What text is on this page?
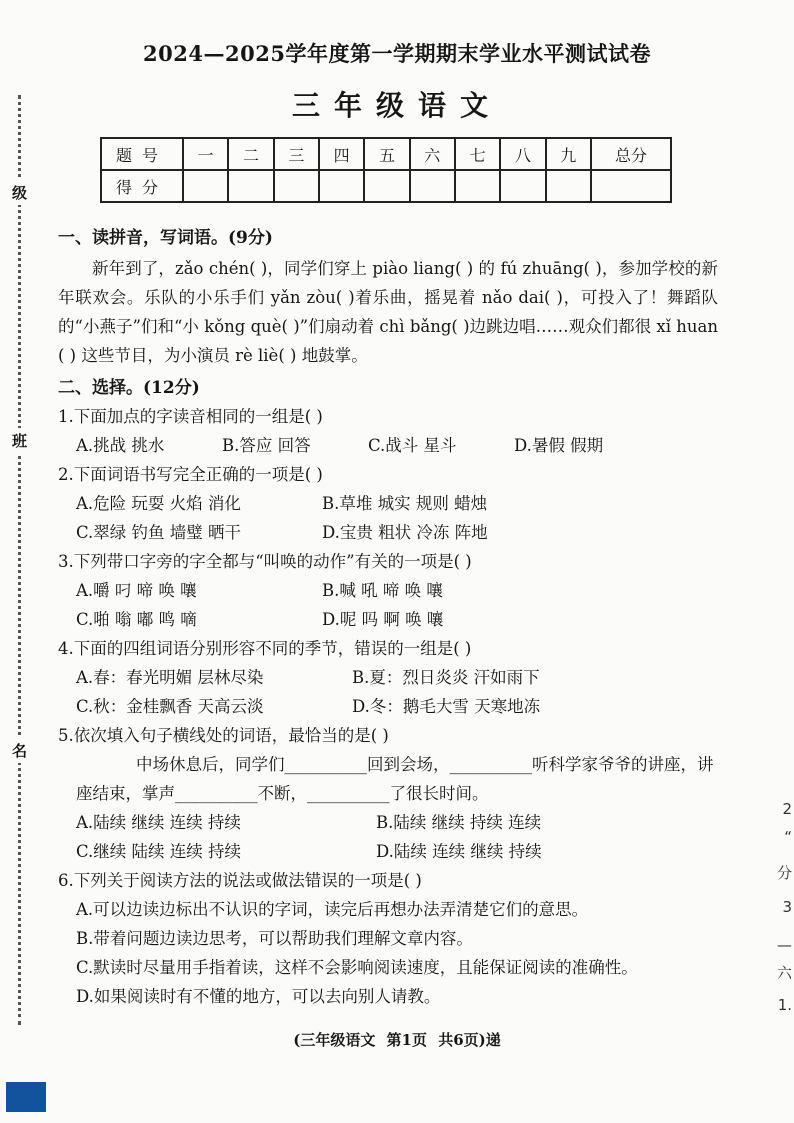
级
班
名
2
“
分
3
—
六
1.
2024—2025学年度第一学期期末学业水平测试试卷
三年级语文
题号	一	二	三	四	五	六	七	八	九	总分
得分										

一、读拼音，写词语。(9分)

新年到了，zǎo chén( )，同学们穿上 piào liang( ) 的 fú zhuāng( )，参加学校的新年联欢会。乐队的小乐手们 yǎn zòu( )着乐曲，摇晃着 nǎo dai( )，可投入了！舞蹈队的“小燕子”们和“小 kǒng què( )”们扇动着 chì bǎng( )边跳边唱……观众们都很 xǐ huan ( ) 这些节目，为小演员 rè liè( ) 地鼓掌。

二、选择。(12分)

1.下面加点的字读音相同的一组是( )

A.挑战 挑水	B.答应 回答	C.战斗 星斗	D.暑假 假期

2.下面词语书写完全正确的一项是( )

A.危险 玩耍 火焰 消化	B.草堆 城实 规则 蜡烛
C.翠绿 钓鱼 墙璧 晒干	D.宝贵 粗状 冷冻 阵地

3.下列带口字旁的字全都与“叫唤的动作”有关的一项是( )

A.嚼 叼 啼 唤 嚷	B.喊 吼 啼 唤 嚷
C.啪 嗡 嘟 鸣 嘀	D.呢 吗 啊 唤 嚷

4.下面的四组词语分别形容不同的季节，错误的一组是( )

A.春：春光明媚 层林尽染	B.夏：烈日炎炎 汗如雨下
C.秋：金桂飘香 天高云淡	D.冬：鹅毛大雪 天寒地冻

5.依次填入句子横线处的词语，最恰当的是( )

中场休息后，同学们__________回到会场，__________听科学家爷爷的讲座，讲座结束，掌声__________不断，__________了很长时间。

A.陆续 继续 连续 持续	B.陆续 继续 持续 连续
C.继续 陆续 连续 持续	D.陆续 连续 继续 持续

6.下列关于阅读方法的说法或做法错误的一项是( )

A.可以边读边标出不认识的字词，读完后再想办法弄清楚它们的意思。

B.带着问题边读边思考，可以帮助我们理解文章内容。

C.默读时尽量用手指着读，这样不会影响阅读速度，且能保证阅读的准确性。

D.如果阅读时有不懂的地方，可以去向别人请教。

(三年级语文 第1页 共6页)递
